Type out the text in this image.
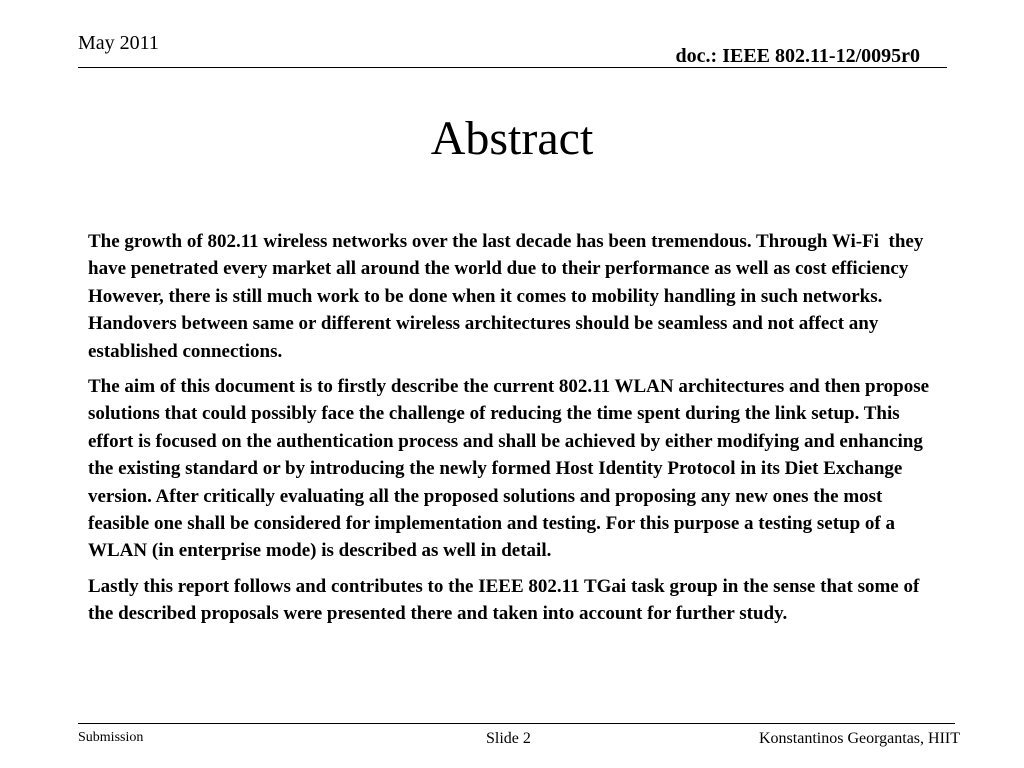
May 2011
doc.: IEEE 802.11-12/0095r0
Abstract

The growth of 802.11 wireless networks over the last decade has been tremendous. Through Wi-Fi  they have penetrated every market all around the world due to their performance as well as cost efficiency However, there is still much work to be done when it comes to mobility handling in such networks. Handovers between same or different wireless architectures should be seamless and not affect any established connections.

The aim of this document is to firstly describe the current 802.11 WLAN architectures and then propose solutions that could possibly face the challenge of reducing the time spent during the link setup. This effort is focused on the authentication process and shall be achieved by either modifying and enhancing the existing standard or by introducing the newly formed Host Identity Protocol in its Diet Exchange version. After critically evaluating all the proposed solutions and proposing any new ones the most feasible one shall be considered for implementation and testing. For this purpose a testing setup of a WLAN (in enterprise mode) is described as well in detail.

Lastly this report follows and contributes to the IEEE 802.11 TGai task group in the sense that some of the described proposals were presented there and taken into account for further study.

Submission	Slide 2	Konstantinos Georgantas, HIIT
